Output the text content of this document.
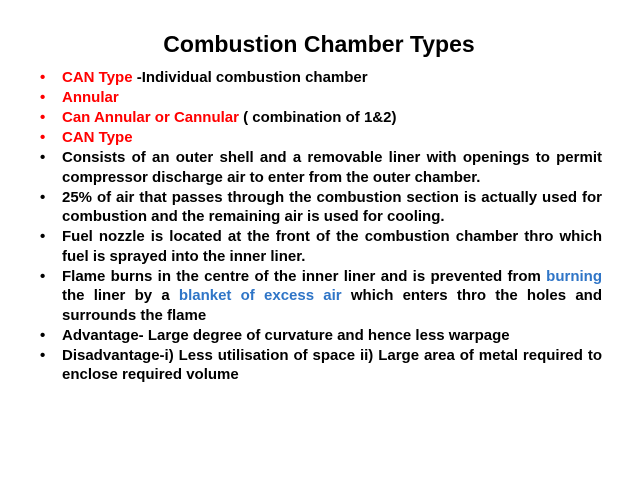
Combustion Chamber Types
•	CAN Type -Individual combustion chamber
•	Annular
•	Can Annular or Cannular ( combination of 1&2)
•	CAN Type
•	Consists of an outer shell and a removable liner with openings to permit compressor discharge air to enter from the outer chamber.
•	25% of air that passes through the combustion section is actually used for combustion and the remaining air is used for cooling.
•	Fuel nozzle is located at the front of the combustion chamber thro which fuel is sprayed into the inner liner.
•	Flame burns in the centre of the inner liner and is prevented from burning the liner by a blanket of excess air which enters thro the holes and surrounds the flame
•	Advantage- Large degree of curvature and hence less warpage
•	Disadvantage-i) Less utilisation of space ii) Large area of metal required to enclose required volume
